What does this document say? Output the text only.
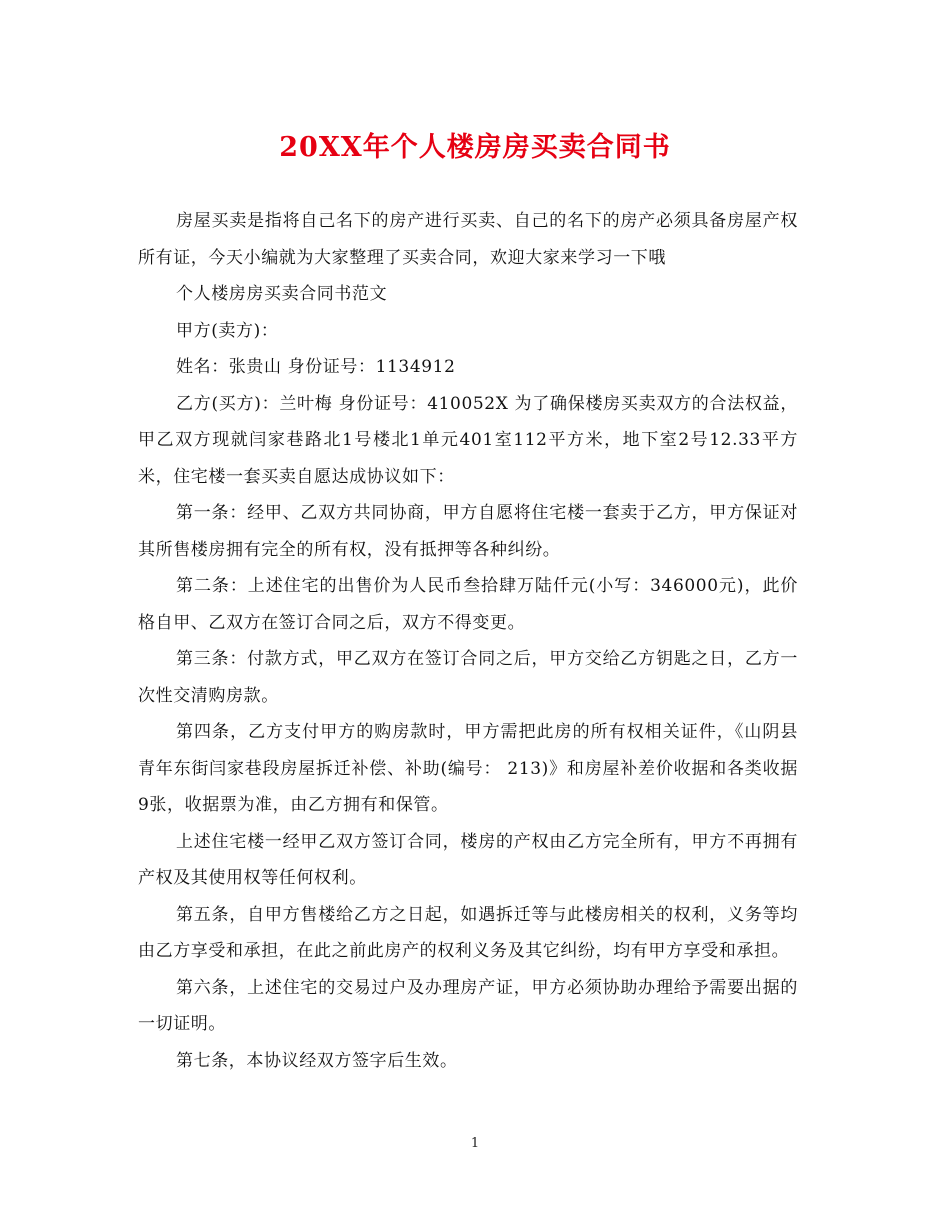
20XX年个人楼房房买卖合同书

房屋买卖是指将自己名下的房产进行买卖、自己的名下的房产必须具备房屋产权所有证，今天小编就为大家整理了买卖合同，欢迎大家来学习一下哦

个人楼房房买卖合同书范文

甲方(卖方)：

姓名：张贵山 身份证号：1134912

乙方(买方)：兰叶梅 身份证号：410052X 为了确保楼房买卖双方的合法权益，甲乙双方现就闫家巷路北1号楼北1单元401室112平方米，地下室2号12.33平方米，住宅楼一套买卖自愿达成协议如下：

第一条：经甲、乙双方共同协商，甲方自愿将住宅楼一套卖于乙方，甲方保证对其所售楼房拥有完全的所有权，没有抵押等各种纠纷。

第二条：上述住宅的出售价为人民币叁拾肆万陆仟元(小写：346000元)，此价格自甲、乙双方在签订合同之后，双方不得变更。

第三条：付款方式，甲乙双方在签订合同之后，甲方交给乙方钥匙之日，乙方一次性交清购房款。

第四条，乙方支付甲方的购房款时，甲方需把此房的所有权相关证件，《山阴县青年东街闫家巷段房屋拆迁补偿、补助(编号： 213)》和房屋补差价收据和各类收据9张，收据票为准，由乙方拥有和保管。

上述住宅楼一经甲乙双方签订合同，楼房的产权由乙方完全所有，甲方不再拥有产权及其使用权等任何权利。

第五条，自甲方售楼给乙方之日起，如遇拆迁等与此楼房相关的权利，义务等均由乙方享受和承担，在此之前此房产的权利义务及其它纠纷，均有甲方享受和承担。

第六条，上述住宅的交易过户及办理房产证，甲方必须协助办理给予需要出据的一切证明。

第七条，本协议经双方签字后生效。

1
